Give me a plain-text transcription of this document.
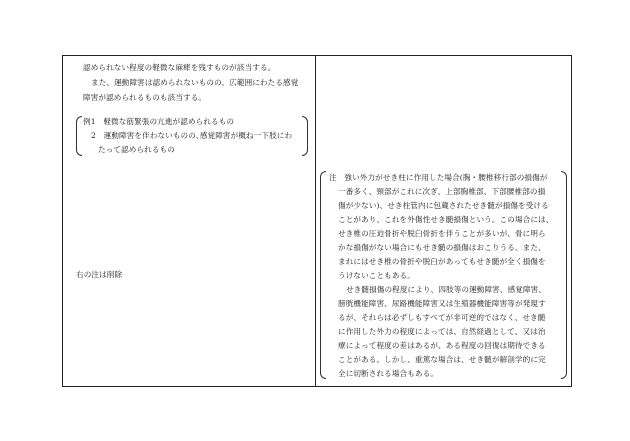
認められない程度の軽微な麻痺を残すものが該当する。
また、運動障害は認められないものの、広範囲にわたる感覚
障害が認められるものも該当する。
例1　軽微な筋緊張の亢進が認められるもの
2　運動障害を伴わないものの､感覚障害が概ね一下肢にわ
たって認められるもの
右の注は削除
注　強い外力がせき柱に作用した場合(胸・腰椎移行部の損傷が
一番多く、頸部がこれに次ぎ、上部胸椎部、下部腰椎部の損
傷が少ない)、せき柱管内に包蔵されたせき髄が損傷を受ける
ことがあり、これを外傷性せき髄損傷という。この場合には、
せき椎の圧迫骨折や脱臼骨折を伴うことが多いが、骨に明ら
かな損傷がない場合にもせき髄の損傷はおこりうる。また、
まれにはせき椎の骨折や脱臼があってもせき髄が全く損傷を
うけないこともある。
せき髄損傷の程度により、四肢等の運動障害、感覚障害、
膀胱機能障害、尿路機能障害又は生殖器機能障害等が発現す
るが、それらは必ずしもすべてが非可逆的ではなく、せき髄
に作用した外力の程度によっては、自然経過として、又は治
療によって程度の差はあるが、ある程度の回復は期待できる
ことがある。しかし、重篤な場合は、せき髄が解剖学的に完
全に切断される場合もある。
